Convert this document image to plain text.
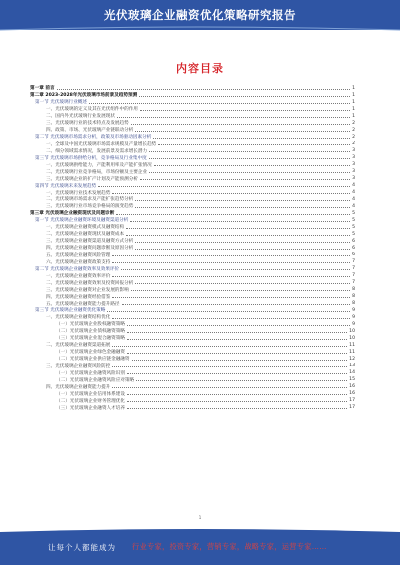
光伏玻璃企业融资优化策略研究报告
内容目录
第一章 前言	1
第二章 2023-2028年光伏玻璃市场前景及趋势预测	1
第一节 光伏玻璃行业概述	1
一、光伏玻璃的定义及其在光伏组件中的作用	1
二、国内外光伏玻璃行业发展现状	1
三、光伏玻璃行业的技术特点及发展趋势	2
四、政策、市场、光伏玻璃产业链联动分析	2
第二节 光伏玻璃市场需求分析，政策及市场驱动因素分析	2
一、全球及中国光伏玻璃市场需求规模及产量增长趋势	2
二、细分领域需求情况，发展前景及需求增长潜力	3
第三节 光伏玻璃市场供给分析，竞争格局及行业集中度	3
一、光伏玻璃供给能力，产能利用率及产能扩张情况	3
二、光伏玻璃行业竞争格局，市场份额及主要企业	3
三、光伏玻璃企业的扩产计划及产能预测分析	3
第四节 光伏玻璃未来发展趋势	4
一、光伏玻璃行业技术发展趋势	4
二、光伏玻璃市场需求及产能扩张趋势分析	4
三、光伏玻璃行业市场竞争格局的演变趋势	4
第三章 光伏玻璃企业融资现状及问题诊断	5
第一节 光伏玻璃企业融资环境及融资渠道分析	5
一、光伏玻璃企业融资模式及融资结构	5
二、光伏玻璃企业融资现状及融资成本	5
三、光伏玻璃企业融资渠道及融资方式分析	6
四、光伏玻璃企业融资问题诊断及原因分析	6
五、光伏玻璃企业融资风险管理	6
六、光伏玻璃企业融资政策支持	7
第二节 光伏玻璃企业融资效率及效果评价	7
一、光伏玻璃企业融资效率评价	7
二、光伏玻璃企业融资效果及投资回报分析	7
三、光伏玻璃企业融资对企业发展的影响	8
四、光伏玻璃企业融资经验借鉴	8
五、光伏玻璃企业融资能力提升路径	8
第三节 光伏玻璃企业融资优化策略	9
一、光伏玻璃企业融资结构优化	9
（一）光伏玻璃企业股权融资策略	9
（二）光伏玻璃企业债权融资策略	10
（三）光伏玻璃企业混合融资策略	10
二、光伏玻璃企业融资渠道拓展	11
（一）光伏玻璃企业绿色金融融资	11
（二）光伏玻璃企业供应链金融融资	12
三、光伏玻璃企业融资风险防控	13
（一）光伏玻璃企业融资风险识别	14
（二）光伏玻璃企业融资风险应对策略	15
四、光伏玻璃企业融资能力提升	16
（一）光伏玻璃企业信用体系建设	16
（二）光伏玻璃企业财务管理优化	17
（三）光伏玻璃企业融资人才培养	17
1
让每个人都能成为 行业专家，投资专家，营销专家，战略专家，运营专家……
